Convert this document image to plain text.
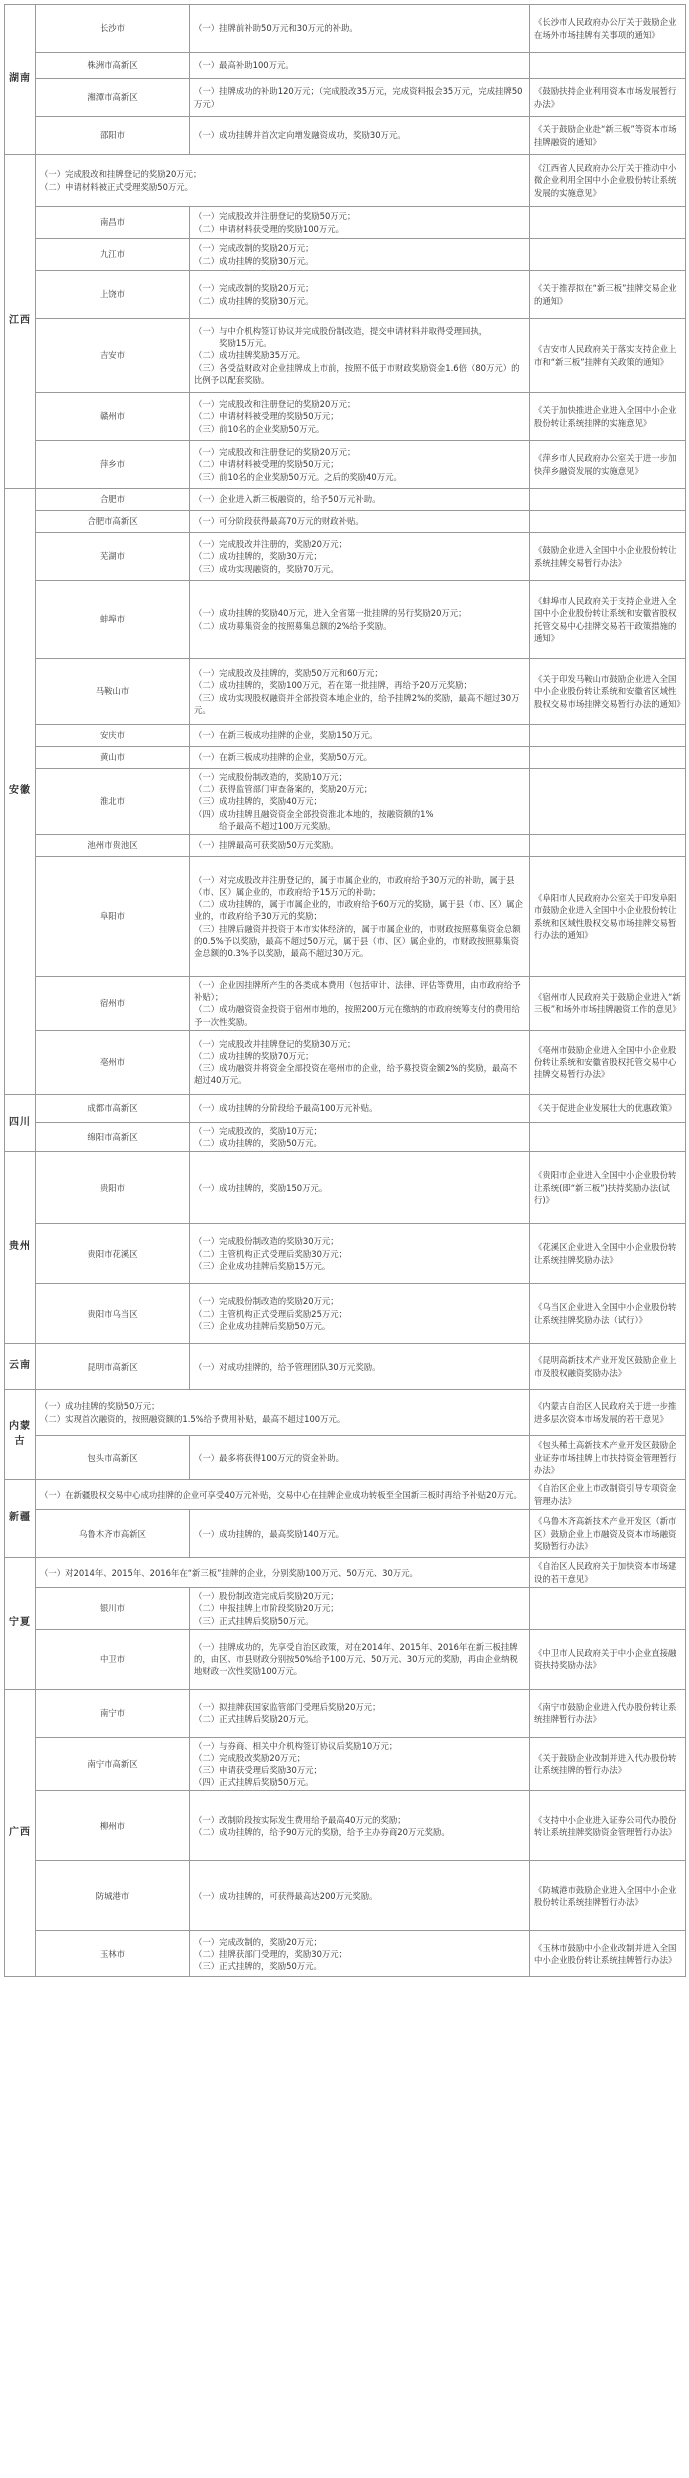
湖南	长沙市	（一）挂牌前补助50万元和30万元的补助。	《长沙市人民政府办公厅关于鼓励企业在场外市场挂牌有关事项的通知》
	株洲市高新区	（一）最高补助100万元。	
	湘潭市高新区	（一）挂牌成功的补助120万元；（完成股改35万元，完成资料报会35万元，完成挂牌50万元）	《鼓励扶持企业利用资本市场发展暂行办法》
	邵阳市	（一）成功挂牌并首次定向增发融资成功，奖励30万元。	《关于鼓励企业赴“新三板”等资本市场挂牌融资的通知》
江西	（一）完成股改和挂牌登记的奖励20万元；
（二）申请材料被正式受理奖励50万元。		《江西省人民政府办公厅关于推动中小微企业利用全国中小企业股份转让系统发展的实施意见》
	南昌市	（一）完成股改并注册登记的奖励50万元；
（二）申请材料获受理的奖励100万元。	
	九江市	（一）完成改制的奖励20万元；
（二）成功挂牌的奖励30万元。	
	上饶市	（一）完成改制的奖励20万元；
（二）成功挂牌的奖励30万元。	《关于推荐拟在“新三板”挂牌交易企业的通知》
	吉安市	（一）与中介机构签订协议并完成股份制改造，提交申请材料并取得受理回执，
　　　奖励15万元。
（二）成功挂牌奖励35万元。
（三）各受益财政对企业挂牌成上市前，按照不低于市财政奖励资金1.6倍（80万元）的比例予以配套奖励。	《吉安市人民政府关于落实支持企业上市和“新三板”挂牌有关政策的通知》
	赣州市	（一）完成股改和注册登记的奖励20万元；
（二）申请材料被受理的奖励50万元；
（三）前10名的企业奖励50万元。	《关于加快推进企业进入全国中小企业股份转让系统挂牌的实施意见》
	萍乡市	（一）完成股改和注册登记的奖励20万元；
（二）申请材料被受理的奖励50万元；
（三）前10名的企业奖励50万元。之后的奖励40万元。	《萍乡市人民政府办公室关于进一步加快萍乡融资发展的实施意见》
安徽	合肥市	（一）企业进入新三板融资的，给予50万元补助。	
	合肥市高新区	（一）可分阶段获得最高70万元的财政补贴。	
	芜湖市	（一）完成股改并注册的，奖励20万元；
（二）成功挂牌的，奖励30万元；
（三）成功实现融资的，奖励70万元。	《鼓励企业进入全国中小企业股份转让系统挂牌交易暂行办法》
	蚌埠市	（一）成功挂牌的奖励40万元，进入全省第一批挂牌的另行奖励20万元；
（二）成功募集资金的按照募集总额的2%给予奖励。	《蚌埠市人民政府关于支持企业进入全国中小企业股份转让系统和安徽省股权托管交易中心挂牌交易若干政策措施的通知》
	马鞍山市	（一）完成股改及挂牌的，奖励50万元和60万元；
（二）成功挂牌的，奖励100万元，若在第一批挂牌，再给予20万元奖励；
（三）成功实现股权融资并全部投资本地企业的，给予挂牌2%的奖励，最高不超过30万元。	《关于印发马鞍山市鼓励企业进入全国中小企业股份转让系统和安徽省区域性股权交易市场挂牌交易暂行办法的通知》
	安庆市	（一）在新三板成功挂牌的企业，奖励150万元。	
	黄山市	（一）在新三板成功挂牌的企业，奖励50万元。	
	淮北市	（一）完成股份制改造的，奖励10万元；
（二）获得监管部门审查备案的，奖励20万元；
（三）成功挂牌的，奖励40万元；
（四）成功挂牌且融资资金全部投资淮北本地的，按融资额的1%
　　　给予最高不超过100万元奖励。	
	池州市贵池区	（一）挂牌最高可获奖励50万元奖励。	
	阜阳市	（一）对完成股改并注册登记的，属于市属企业的，市政府给予30万元的补助，属于县（市、区）属企业的，市政府给予15万元的补助；
（二）成功挂牌的，属于市属企业的，市政府给予60万元的奖励，属于县（市、区）属企业的，市政府给予30万元的奖励；
（三）挂牌后融资并投资于本市实体经济的，属于市属企业的，市财政按照募集资金总额的0.5%予以奖励，最高不超过50万元，属于县（市、区）属企业的，市财政按照募集资金总额的0.3%予以奖励，最高不超过30万元。	《阜阳市人民政府办公室关于印发阜阳市鼓励企业进入全国中小企业股份转让系统和区域性股权交易市场挂牌交易暂行办法的通知》
	宿州市	（一）企业因挂牌所产生的各类成本费用（包括审计、法律、评估等费用，由市政府给予补贴）；
（二）成功融资资金投资于宿州市地的，按照200万元在缴纳的市政府统筹支付的费用给予一次性奖励。	《宿州市人民政府关于鼓励企业进入“新三板”和场外市场挂牌融资工作的意见》
	亳州市	（一）完成股改并挂牌登记的奖励30万元；
（二）成功挂牌的奖励70万元；
（三）成功融资并将资金全部投资在亳州市的企业，给予募投资金额2%的奖励，最高不超过40万元。	《亳州市鼓励企业进入全国中小企业股份转让系统和安徽省股权托管交易中心挂牌交易暂行办法》
四川	成都市高新区	（一）成功挂牌的分阶段给予最高100万元补贴。	《关于促进企业发展壮大的优惠政策》
	绵阳市高新区	（一）完成股改的，奖励10万元；
（二）成功挂牌的，奖励50万元。	
贵州	贵阳市	（一）成功挂牌的，奖励150万元。	《贵阳市企业进入全国中小企业股份转让系统(即“新三板”)扶持奖励办法(试行)》
	贵阳市花溪区	（一）完成股份制改造的奖励30万元；
（二）主管机构正式受理后奖励30万元；
（三）企业成功挂牌后奖励15万元。	《花溪区企业进入全国中小企业股份转让系统挂牌奖励办法》
	贵阳市乌当区	（一）完成股份制改造的奖励20万元；
（二）主管机构正式受理后奖励25万元；
（三）企业成功挂牌后奖励50万元。	《乌当区企业进入全国中小企业股份转让系统挂牌奖励办法（试行）》
云南	昆明市高新区	（一）对成功挂牌的，给予管理团队30万元奖励。	《昆明高新技术产业开发区鼓励企业上市及股权融资奖励办法》
内蒙古	（一）成功挂牌的奖励50万元；
（二）实现首次融资的，按照融资额的1.5%给予费用补贴，最高不超过100万元。		《内蒙古自治区人民政府关于进一步推进多层次资本市场发展的若干意见》
	包头市高新区	（一）最多将获得100万元的资金补助。	《包头稀土高新技术产业开发区鼓励企业证券市场挂牌上市扶持资金管理暂行办法》
新疆	（一）在新疆股权交易中心成功挂牌的企业可享受40万元补贴，交易中心在挂牌企业成功转板至全国新三板时再给予补贴20万元。		《自治区企业上市改制资引导专项资金管理办法》
	乌鲁木齐市高新区	（一）成功挂牌的，最高奖励140万元。	《乌鲁木齐高新技术产业开发区（新市区）鼓励企业上市融资及资本市场融资奖励暂行办法》
宁夏	（一）对2014年、2015年、2016年在“新三板”挂牌的企业，分别奖励100万元、50万元、30万元。		《自治区人民政府关于加快资本市场建设的若干意见》
	银川市	（一）股份制改造完成后奖励20万元；
（二）申报挂牌上市阶段奖励20万元；
（三）正式挂牌后奖励50万元。	
	中卫市	（一）挂牌成功的，先享受自治区政策，对在2014年、2015年、2016年在新三板挂牌的，由区、市县财政分别按50%给予100万元、50万元、30万元的奖励，再由企业纳税地财政一次性奖励100万元。	《中卫市人民政府关于中小企业直接融资扶持奖励办法》
广西	南宁市	（一）拟挂牌获国家监管部门受理后奖励20万元；
（二）正式挂牌后奖励20万元。	《南宁市鼓励企业进入代办股份转让系统挂牌暂行办法》
	南宁市高新区	（一）与券商、相关中介机构签订协议后奖励10万元；
（二）完成股改奖励20万元；
（三）申请获受理后奖励30万元；
（四）正式挂牌后奖励50万元。	《关于鼓励企业改制并进入代办股份转让系统挂牌的暂行办法》
	柳州市	（一）改制阶段按实际发生费用给予最高40万元的奖励；
（二）成功挂牌的，给予90万元的奖励，给予主办券商20万元奖励。	《支持中小企业进入证券公司代办股份转让系统挂牌奖励资金管理暂行办法》
	防城港市	（一）成功挂牌的，可获得最高达200万元奖励。	《防城港市鼓励企业进入全国中小企业股份转让系统挂牌暂行办法》
	玉林市	（一）完成改制的，奖励20万元；
（二）挂牌获部门受理的，奖励30万元；
（三）正式挂牌的，奖励50万元。	《玉林市鼓励中小企业改制并进入全国中小企业股份转让系统挂牌暂行办法》
